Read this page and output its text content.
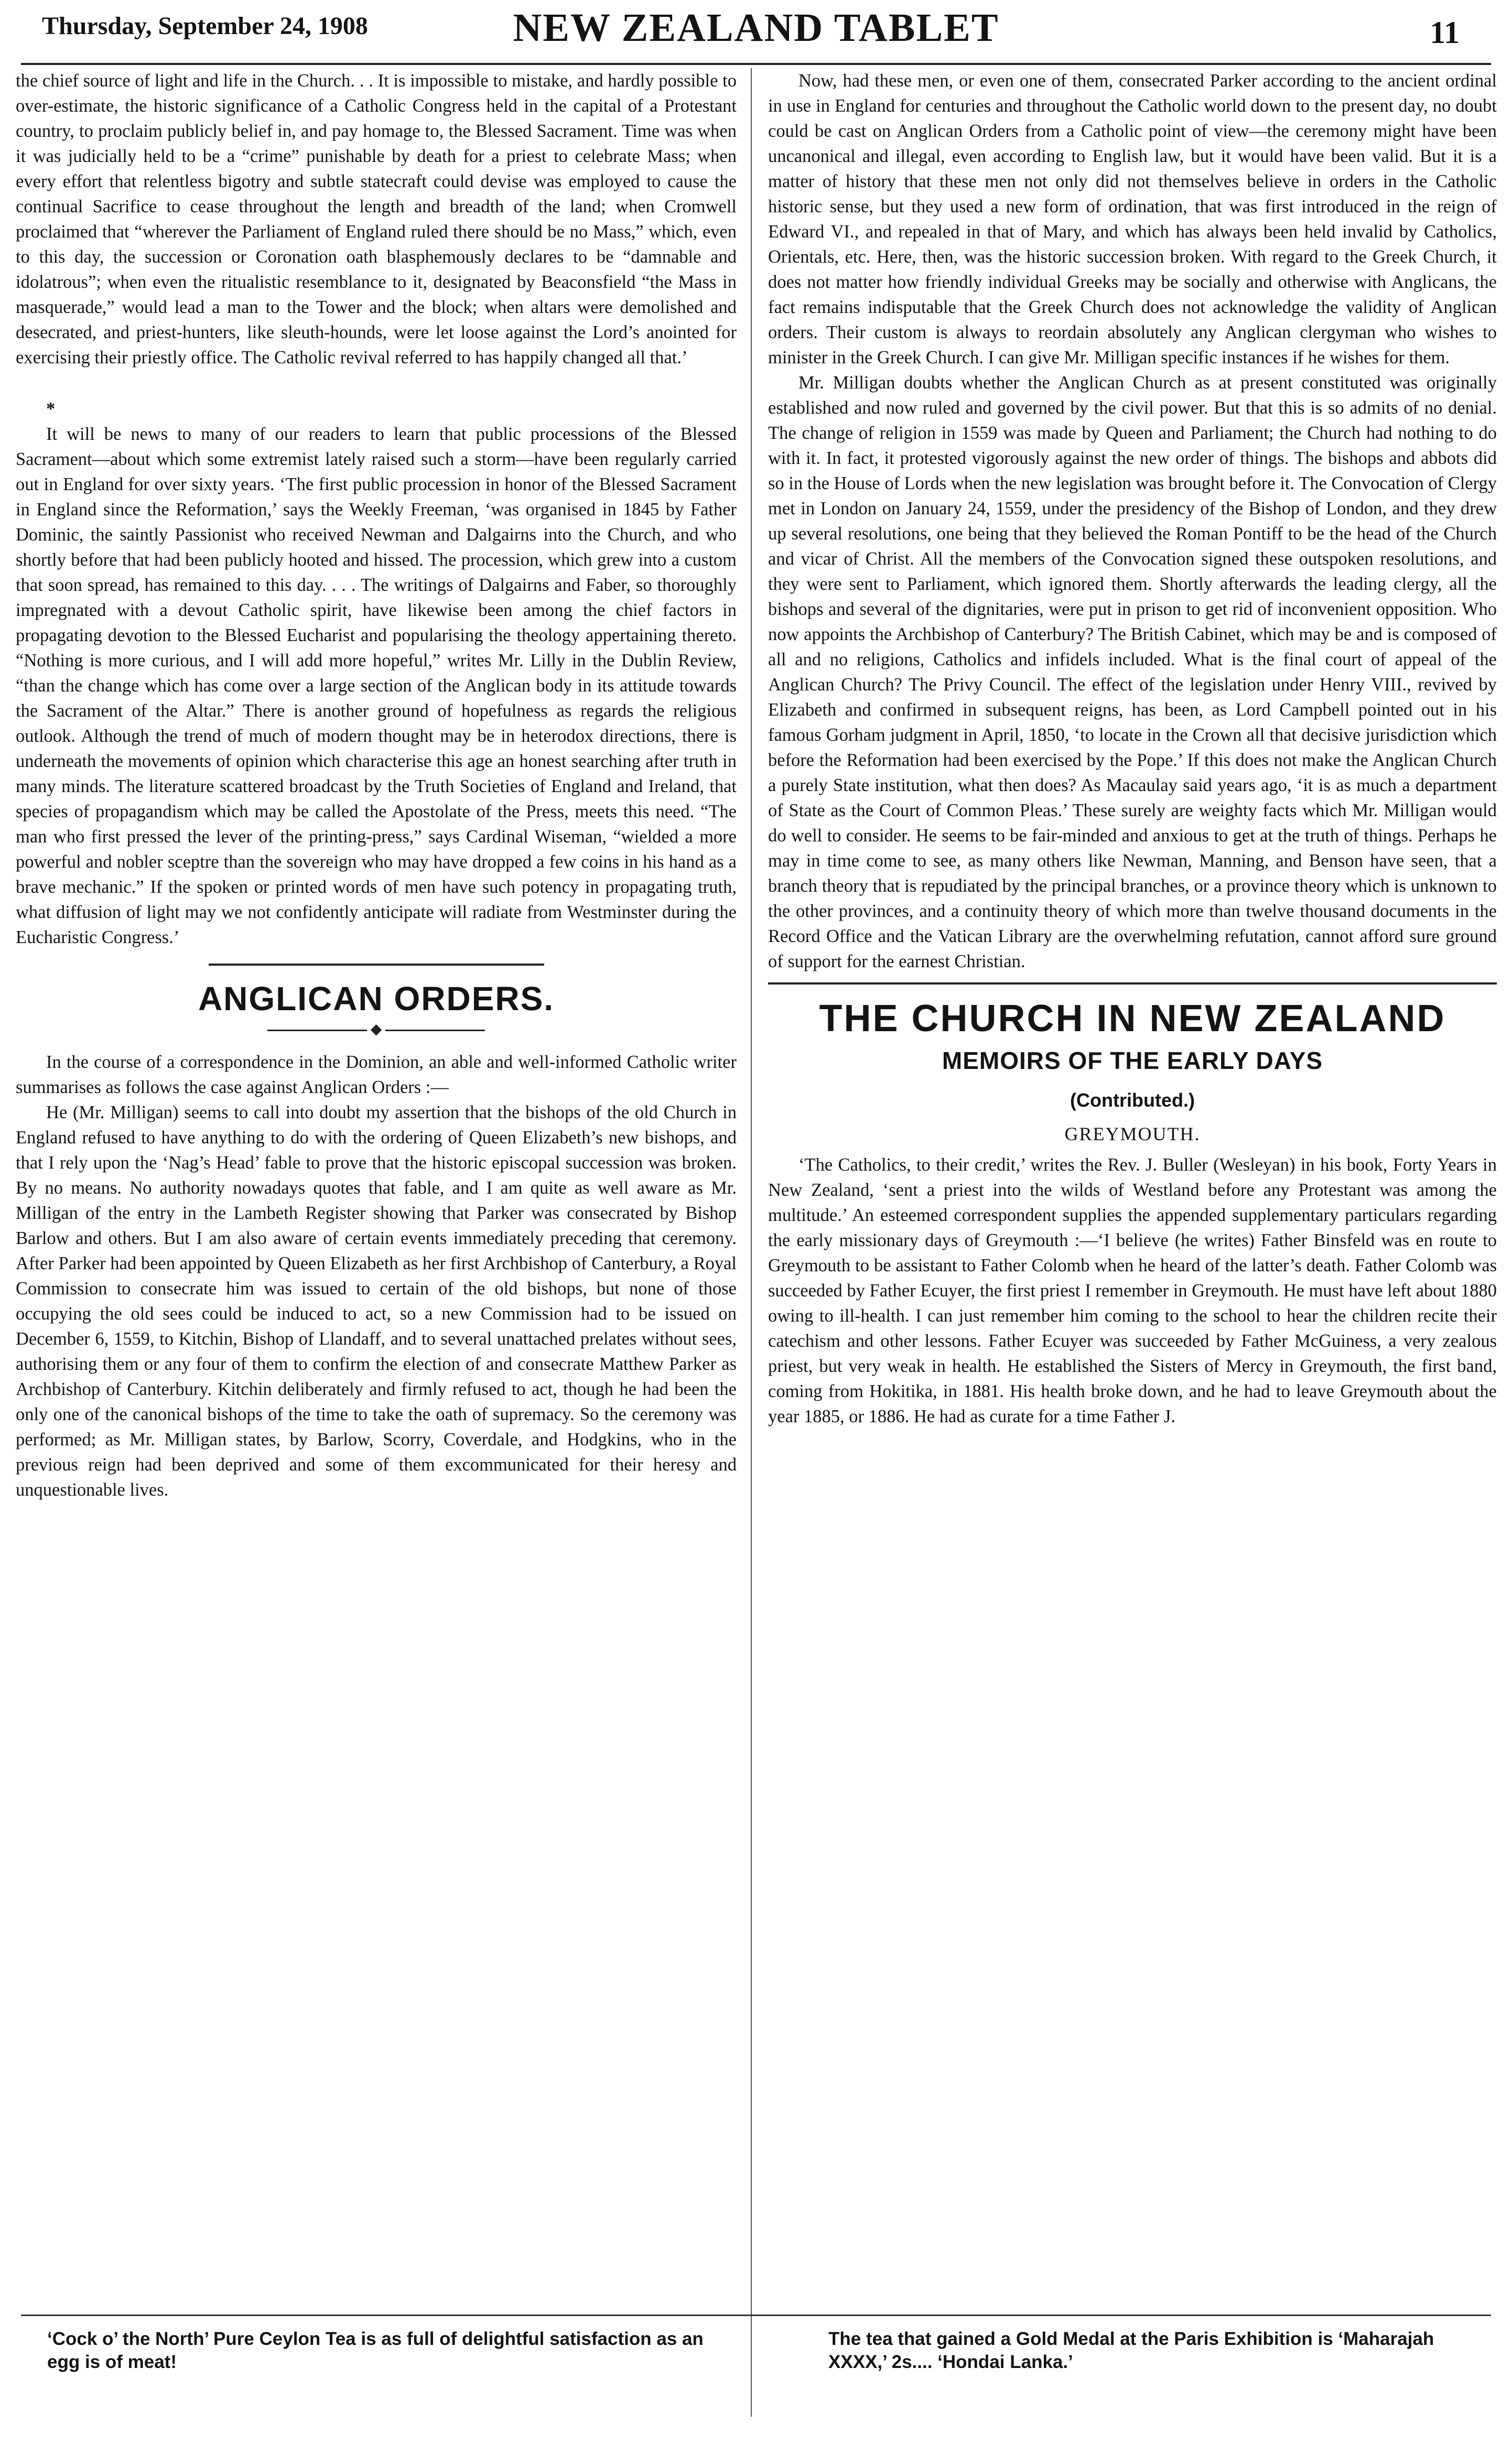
Thursday, September 24, 1908	NEW ZEALAND TABLET	11

the chief source of light and life in the Church. . . It is impossible to mistake, and hardly possible to over-estimate, the historic significance of a Catholic Congress held in the capital of a Protestant country, to proclaim publicly belief in, and pay homage to, the Blessed Sacrament. Time was when it was judicially held to be a “crime” punishable by death for a priest to celebrate Mass; when every effort that relentless bigotry and subtle statecraft could devise was employed to cause the continual Sacrifice to cease throughout the length and breadth of the land; when Cromwell proclaimed that “wherever the Parliament of England ruled there should be no Mass,” which, even to this day, the succession or Coronation oath blasphemously declares to be “damnable and idolatrous”; when even the ritualistic resemblance to it, designated by Beaconsfield “the Mass in masquerade,” would lead a man to the Tower and the block; when altars were demolished and desecrated, and priest-hunters, like sleuth-hounds, were let loose against the Lord’s anointed for exercising their priestly office. The Catholic revival referred to has happily changed all that.’

*

It will be news to many of our readers to learn that public processions of the Blessed Sacrament—about which some extremist lately raised such a storm—have been regularly carried out in England for over sixty years. ‘The first public procession in honor of the Blessed Sacrament in England since the Reformation,’ says the Weekly Freeman, ‘was organised in 1845 by Father Dominic, the saintly Passionist who received Newman and Dalgairns into the Church, and who shortly before that had been publicly hooted and hissed. The procession, which grew into a custom that soon spread, has remained to this day. . . . The writings of Dalgairns and Faber, so thoroughly impregnated with a devout Catholic spirit, have likewise been among the chief factors in propagating devotion to the Blessed Eucharist and popularising the theology appertaining thereto. “Nothing is more curious, and I will add more hopeful,” writes Mr. Lilly in the Dublin Review, “than the change which has come over a large section of the Anglican body in its attitude towards the Sacrament of the Altar.” There is another ground of hopefulness as regards the religious outlook. Although the trend of much of modern thought may be in heterodox directions, there is underneath the movements of opinion which characterise this age an honest searching after truth in many minds. The literature scattered broadcast by the Truth Societies of England and Ireland, that species of propagandism which may be called the Apostolate of the Press, meets this need. “The man who first pressed the lever of the printing-press,” says Cardinal Wiseman, “wielded a more powerful and nobler sceptre than the sovereign who may have dropped a few coins in his hand as a brave mechanic.” If the spoken or printed words of men have such potency in propagating truth, what diffusion of light may we not confidently anticipate will radiate from Westminster during the Eucharistic Congress.’

ANGLICAN ORDERS.
◆

In the course of a correspondence in the Dominion, an able and well-informed Catholic writer summarises as follows the case against Anglican Orders :—

He (Mr. Milligan) seems to call into doubt my assertion that the bishops of the old Church in England refused to have anything to do with the ordering of Queen Elizabeth’s new bishops, and that I rely upon the ‘Nag’s Head’ fable to prove that the historic episcopal succession was broken. By no means. No authority nowadays quotes that fable, and I am quite as well aware as Mr. Milligan of the entry in the Lambeth Register showing that Parker was consecrated by Bishop Barlow and others. But I am also aware of certain events immediately preceding that ceremony. After Parker had been appointed by Queen Elizabeth as her first Archbishop of Canterbury, a Royal Commission to consecrate him was issued to certain of the old bishops, but none of those occupying the old sees could be induced to act, so a new Commission had to be issued on December 6, 1559, to Kitchin, Bishop of Llandaff, and to several unattached prelates without sees, authorising them or any four of them to confirm the election of and consecrate Matthew Parker as Archbishop of Canterbury. Kitchin deliberately and firmly refused to act, though he had been the only one of the canonical bishops of the time to take the oath of supremacy. So the ceremony was performed; as Mr. Milligan states, by Barlow, Scorry, Coverdale, and Hodgkins, who in the previous reign had been deprived and some of them excommunicated for their heresy and unquestionable lives.

Now, had these men, or even one of them, consecrated Parker according to the ancient ordinal in use in England for centuries and throughout the Catholic world down to the present day, no doubt could be cast on Anglican Orders from a Catholic point of view—the ceremony might have been uncanonical and illegal, even according to English law, but it would have been valid. But it is a matter of history that these men not only did not themselves believe in orders in the Catholic historic sense, but they used a new form of ordination, that was first introduced in the reign of Edward VI., and repealed in that of Mary, and which has always been held invalid by Catholics, Orientals, etc. Here, then, was the historic succession broken. With regard to the Greek Church, it does not matter how friendly individual Greeks may be socially and otherwise with Anglicans, the fact remains indisputable that the Greek Church does not acknowledge the validity of Anglican orders. Their custom is always to reordain absolutely any Anglican clergyman who wishes to minister in the Greek Church. I can give Mr. Milligan specific instances if he wishes for them.

Mr. Milligan doubts whether the Anglican Church as at present constituted was originally established and now ruled and governed by the civil power. But that this is so admits of no denial. The change of religion in 1559 was made by Queen and Parliament; the Church had nothing to do with it. In fact, it protested vigorously against the new order of things. The bishops and abbots did so in the House of Lords when the new legislation was brought before it. The Convocation of Clergy met in London on January 24, 1559, under the presidency of the Bishop of London, and they drew up several resolutions, one being that they believed the Roman Pontiff to be the head of the Church and vicar of Christ. All the members of the Convocation signed these outspoken resolutions, and they were sent to Parliament, which ignored them. Shortly afterwards the leading clergy, all the bishops and several of the dignitaries, were put in prison to get rid of inconvenient opposition. Who now appoints the Archbishop of Canterbury? The British Cabinet, which may be and is composed of all and no religions, Catholics and infidels included. What is the final court of appeal of the Anglican Church? The Privy Council. The effect of the legislation under Henry VIII., revived by Elizabeth and confirmed in subsequent reigns, has been, as Lord Campbell pointed out in his famous Gorham judgment in April, 1850, ‘to locate in the Crown all that decisive jurisdiction which before the Reformation had been exercised by the Pope.’ If this does not make the Anglican Church a purely State institution, what then does? As Macaulay said years ago, ‘it is as much a department of State as the Court of Common Pleas.’ These surely are weighty facts which Mr. Milligan would do well to consider. He seems to be fair-minded and anxious to get at the truth of things. Perhaps he may in time come to see, as many others like Newman, Manning, and Benson have seen, that a branch theory that is repudiated by the principal branches, or a province theory which is unknown to the other provinces, and a continuity theory of which more than twelve thousand documents in the Record Office and the Vatican Library are the overwhelming refutation, cannot afford sure ground of support for the earnest Christian.

THE CHURCH IN NEW ZEALAND
MEMOIRS OF THE EARLY DAYS
(Contributed.)
GREYMOUTH.

‘The Catholics, to their credit,’ writes the Rev. J. Buller (Wesleyan) in his book, Forty Years in New Zealand, ‘sent a priest into the wilds of Westland before any Protestant was among the multitude.’ An esteemed correspondent supplies the appended supplementary particulars regarding the early missionary days of Greymouth :—‘I believe (he writes) Father Binsfeld was en route to Greymouth to be assistant to Father Colomb when he heard of the latter’s death. Father Colomb was succeeded by Father Ecuyer, the first priest I remember in Greymouth. He must have left about 1880 owing to ill-health. I can just remember him coming to the school to hear the children recite their catechism and other lessons. Father Ecuyer was succeeded by Father McGuiness, a very zealous priest, but very weak in health. He established the Sisters of Mercy in Greymouth, the first band, coming from Hokitika, in 1881. His health broke down, and he had to leave Greymouth about the year 1885, or 1886. He had as curate for a time Father J.

‘Cock o’ the North’ Pure Ceylon Tea is as full of delightful satisfaction as an egg is of meat!
The tea that gained a Gold Medal at the Paris Exhibition is ‘Maharajah XXXX,’ 2s.... ‘Hondai Lanka.’
